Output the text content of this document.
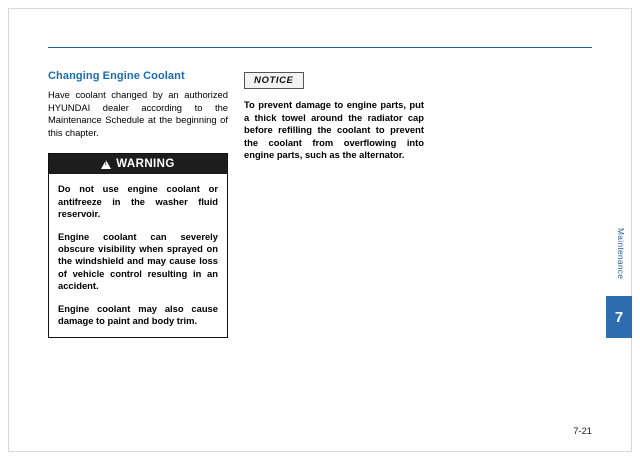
Changing Engine Coolant

Have coolant changed by an authorized HYUNDAI dealer according to the Maintenance Schedule at the beginning of this chapter.

!
WARNING

Do not use engine coolant or antifreeze in the washer fluid reservoir.

Engine coolant can severely obscure visibility when sprayed on the windshield and may cause loss of vehicle control resulting in an accident.

Engine coolant may also cause damage to paint and body trim.

NOTICE
To prevent damage to engine parts, put a thick towel around the radiator cap before refilling the coolant to prevent the coolant from overflowing into engine parts, such as the alternator.
Maintenance
7
7-21
